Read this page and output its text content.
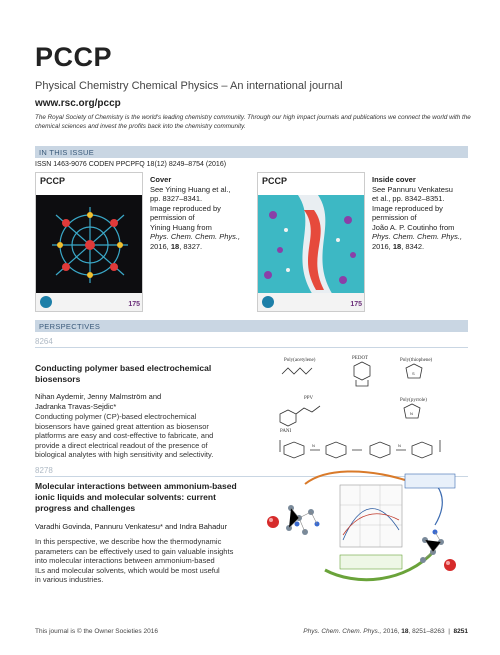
PCCP
Physical Chemistry Chemical Physics – An international journal
www.rsc.org/pccp
The Royal Society of Chemistry is the world's leading chemistry community. Through our high impact journals and publications we connect the world with the chemical sciences and invest the profits back into the chemistry community.
IN THIS ISSUE
ISSN 1463-9076 CODEN PPCPFQ 18(12) 8249–8754 (2016)
PCCP
175
Cover
See Yining Huang et al.,
pp. 8327–8341.
Image reproduced by
permission of
Yining Huang from
Phys. Chem. Chem. Phys.,
2016, 18, 8327.
PCCP
175
Inside cover
See Pannuru Venkatesu
et al., pp. 8342–8351.
Image reproduced by
permission of
João A. P. Coutinho from
Phys. Chem. Chem. Phys.,
2016, 18, 8342.
PERSPECTIVES
8264
Conducting polymer based electrochemical
biosensors
Nihan Aydemir, Jenny Malmström and
Jadranka Travas-Sejdic*
Conducting polymer (CP)-based electrochemical
biosensors have gained great attention as biosensor
platforms are easy and cost-effective to fabricate, and
provide a direct electrical readout of the presence of
biological analytes with high sensitivity and selectivity.
Poly(acetylene)	PEDOT	Poly(thiophene)
PPV	Poly(pyrrole)
PANI
S
N
N	N
8278
Molecular interactions between ammonium-based
ionic liquids and molecular solvents: current
progress and challenges
Varadhi Govinda, Pannuru Venkatesu* and Indra Bahadur
In this perspective, we describe how the thermodynamic
parameters can be effectively used to gain valuable insights
into molecular interactions between ammonium-based
ILs and molecular solvents, which would be most useful
in various industries.
This journal is © the Owner Societies 2016	Phys. Chem. Chem. Phys., 2016, 18, 8251–8263  |  8251
